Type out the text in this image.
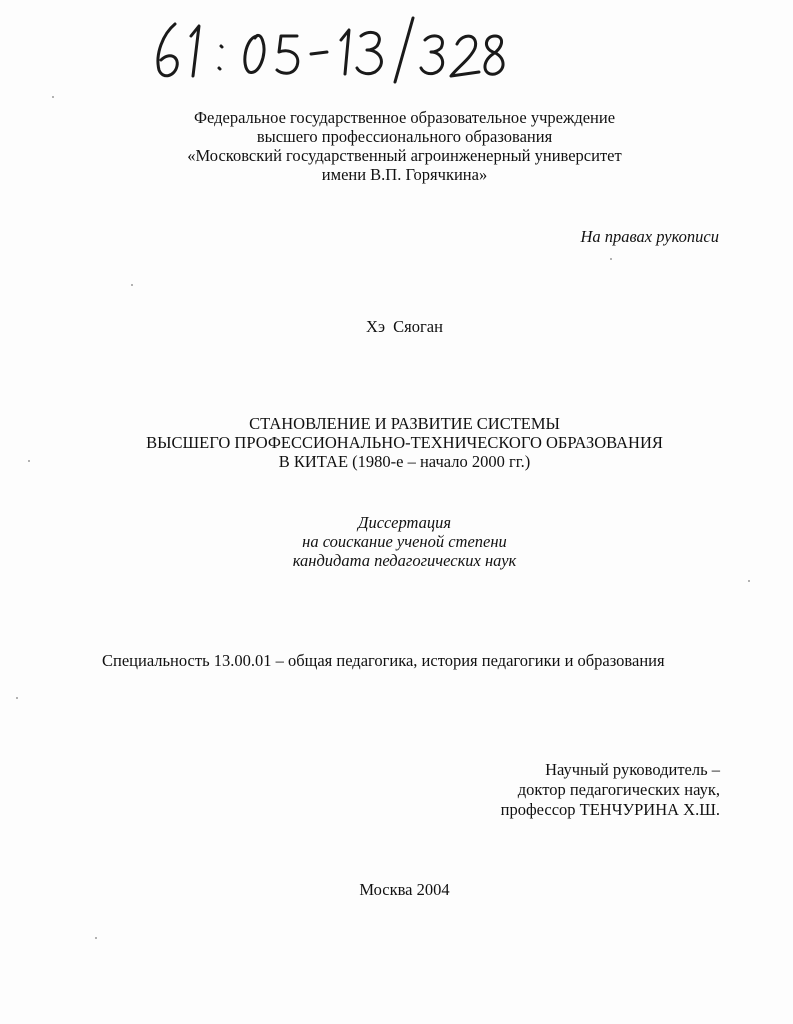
Федеральное государственное образовательное учреждение
высшего профессионального образования
«Московский государственный агроинженерный университет
имени В.П. Горячкина»
На правах рукописи
Хэ Сяоган
СТАНОВЛЕНИЕ И РАЗВИТИЕ СИСТЕМЫ
ВЫСШЕГО ПРОФЕССИОНАЛЬНО-ТЕХНИЧЕСКОГО ОБРАЗОВАНИЯ
В КИТАЕ (1980-е – начало 2000 гг.)
Диссертация
на соискание ученой степени
кандидата педагогических наук
Специальность 13.00.01 – общая педагогика, история педагогики и образования
Научный руководитель –
доктор педагогических наук,
профессор ТЕНЧУРИНА Х.Ш.
Москва 2004
